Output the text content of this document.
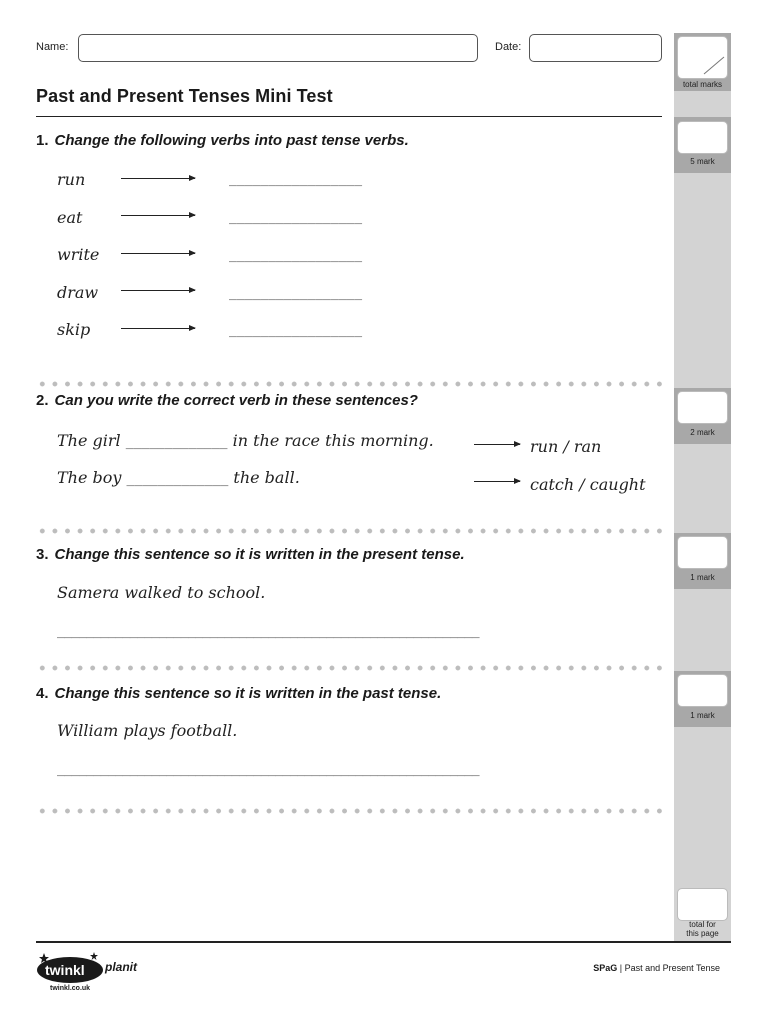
Name:	Date:
Past and Present Tenses Mini Test
total marks
5 mark
2 mark
1 mark
1 mark
total for
this page
1. Change the following verbs into past tense verbs.
run	_________________
eat	_________________
write	_________________
draw	_________________
skip	_________________
2. Can you write the correct verb in these sentences?
The girl _____________ in the race this morning.	run / ran
The boy _____________ the ball.	catch / caught
3. Change this sentence so it is written in the present tense.
Samera walked to school.
__________________________________________________________
4. Change this sentence so it is written in the past tense.
William plays football.
__________________________________________________________
twinkl planit
twinkl.co.uk
SPaG | Past and Present Tense
